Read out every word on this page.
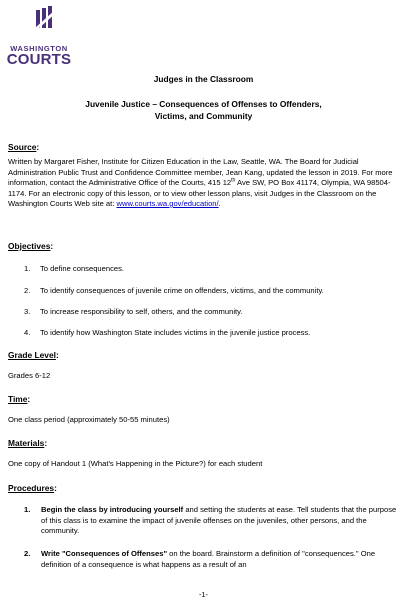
WASHINGTON
COURTS
Judges in the Classroom
Juvenile Justice – Consequences of Offenses to Offenders,
Victims, and Community
Source :
Written by Margaret Fisher, Institute for Citizen Education in the Law, Seattle, WA. The Board for Judicial Administration Public Trust and Confidence Committee member, Jean Kang, updated the lesson in 2019. For more information, contact the Administrative Office of the Courts, 415 12th Ave SW, PO Box 41174, Olympia, WA 98504-1174. For an electronic copy of this lesson, or to view other lesson plans, visit Judges in the Classroom on the Washington Courts Web site at: www.courts.wa.gov/education/.
Objectives :
1. To define consequences.
2. To identify consequences of juvenile crime on offenders, victims, and the community.
3. To increase responsibility to self, others, and the community.
4. To identify how Washington State includes victims in the juvenile justice process.
Grade Level :
Grades 6-12
Time :
One class period (approximately 50-55 minutes)
Materials :
One copy of Handout 1 (What's Happening in the Picture?) for each student
Procedures :
1. Begin the class by introducing yourself and setting the students at ease. Tell students that the purpose of this class is to examine the impact of juvenile offenses on the juveniles, other persons, and the community.
2. Write "Consequences of Offenses" on the board. Brainstorm a definition of "consequences." One definition of a consequence is what happens as a result of an
-1-
